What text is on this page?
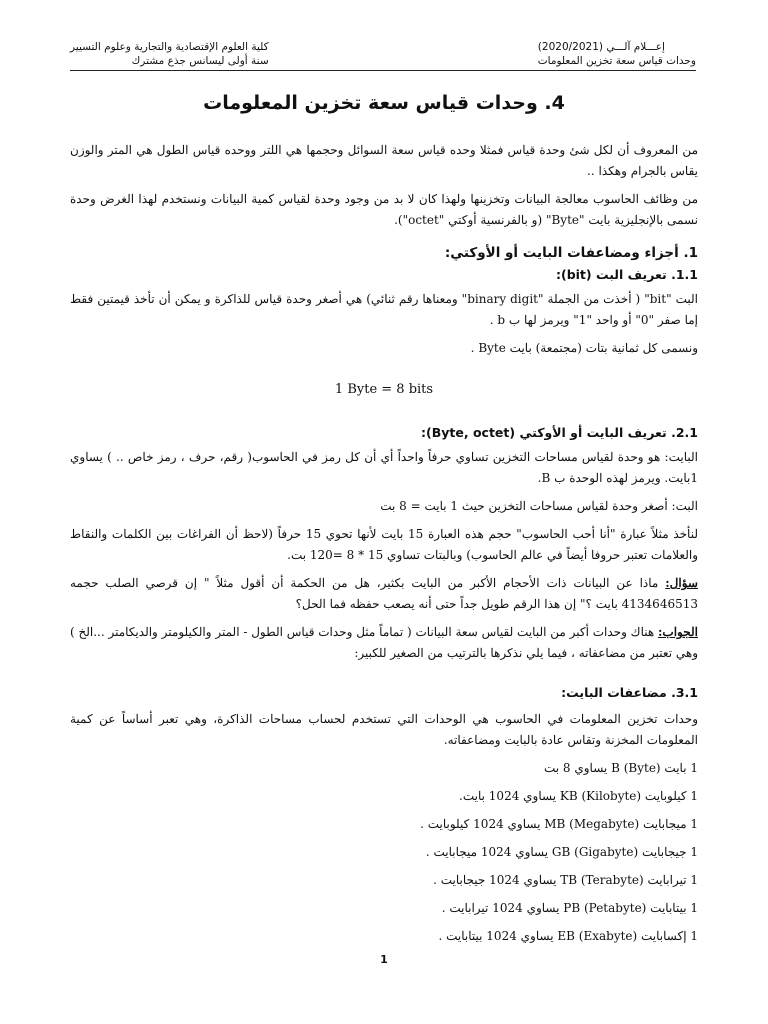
كلية العلوم الإقتصادية والتجارية وعلوم التسيير
سنة أولى ليسانس جذع مشترك
إعـــلام آلـــي (2020/2021)
وحدات قياس سعة تخزين المعلومات
4. وحدات قياس سعة تخزين المعلومات

من المعروف أن لكل شئ وحدة قياس فمثلا وحده قياس سعة السوائل وحجمها هي اللتر ووحده قياس الطول هي المتر والوزن يقاس بالجرام وهكذا ..

من وظائف الحاسوب معالجة البيانات وتخزينها ولهذا كان لا بد من وجود وحدة لقياس كمية البيانات ونستخدم لهذا الغرض وحدة نسمى بالإنجليزية بايت "Byte" (و بالفرنسية أوكتي "octet").

1. أجزاء ومضاعفات البايت أو الأوكتي:
1.1. تعريف البت (bit):

البت "bit" ( أخذت من الجملة "binary digit" ومعناها رقم ثنائي) هي أصغر وحدة قياس للذاكرة و يمكن أن تأخذ قيمتين فقط إما صفر "0" أو واحد "1" ويرمز لها ب b .

ونسمى كل ثمانية بتات (مجتمعة) بايت Byte .

1 Byte = 8 bits
2.1. تعريف البايت أو الأوكتي (Byte, octet):

البايت: هو وحدة لقياس مساحات التخزين تساوي حرفاً واحداً أي أن كل رمز في الحاسوب( رقم، حرف ، رمز خاص .. ) يساوي 1بايت. ويرمز لهذه الوحدة ب B.

البت: أصغر وحدة لقياس مساحات التخزين حيث 1 بايت = 8 بت

لنأخذ مثلاً عبارة "أنا أحب الحاسوب" حجم هذه العبارة 15 بايت لأنها تحوي 15 حرفاً (لاحظ أن الفراغات بين الكلمات والنقاط والعلامات تعتبر حروفا أيضاً في عالم الحاسوب) وبالبتات تساوي 15 * 8 =120 بت.

سؤال: ماذا عن البيانات ذات الأحجام الأكبر من البايت بكثير، هل من الحكمة أن أقول مثلاً " إن قرصي الصلب حجمه 4134646513 بايت ؟" إن هذا الرقم طويل جداً حتى أنه يصعب حفظه فما الحل؟

الجواب: هناك وحدات أكبر من البايت لقياس سعة البيانات ( تماماً مثل وحدات قياس الطول - المتر والكيلومتر والديكامتر ...الخ ) وهي تعتبر من مضاعفاته ، فيما يلي نذكرها بالترتيب من الصغير للكبير:

3.1. مضاعفات البايت:

وحدات تخزين المعلومات في الحاسوب هي الوحدات التي تستخدم لحساب مساحات الذاكرة، وهي تعبر أساساً عن كمية المعلومات المخزنة وتقاس عادة بالبايت ومضاعفاته.

1 بايت B (Byte) يساوي 8 بت

1 كيلوبايت KB (Kilobyte) يساوي 1024 بايت.

1 ميجابايت MB (Megabyte) يساوي 1024 كيلوبايت .

1 جيجابايت GB (Gigabyte) يساوي 1024 ميجابايت .

1 تيرابايت TB (Terabyte) يساوي 1024 جيجابايت .

1 بيتابايت PB (Petabyte) يساوي 1024 تيرابايت .

1 إكسابايت EB (Exabyte) يساوي 1024 بيتابايت .

1
